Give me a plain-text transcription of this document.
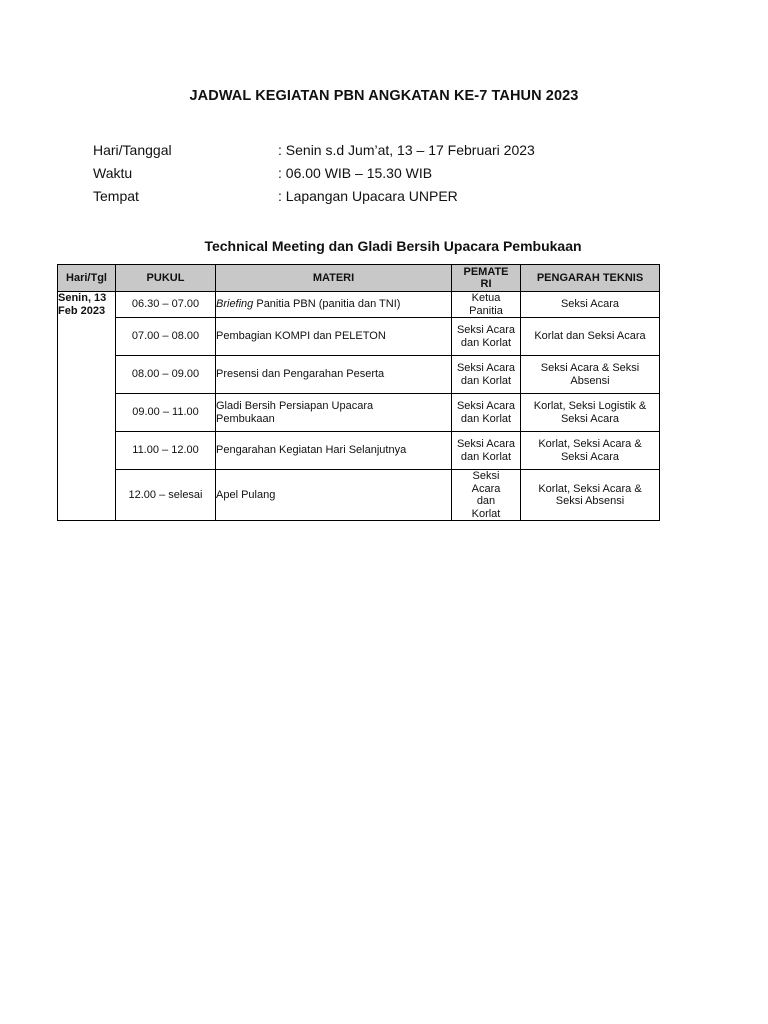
JADWAL KEGIATAN PBN ANGKATAN KE-7 TAHUN 2023
Hari/Tanggal	: Senin s.d Jum’at, 13 – 17 Februari 2023
Waktu	: 06.00 WIB – 15.30 WIB
Tempat	: Lapangan Upacara UNPER
Technical Meeting dan Gladi Bersih Upacara Pembukaan
Hari/Tgl	PUKUL	MATERI	PEMATE RI	PENGARAH TEKNIS
Senin, 13 Feb 2023	06.30 – 07.00	Briefing Panitia PBN (panitia dan TNI)	Ketua Panitia	Seksi Acara
	07.00 – 08.00	Pembagian KOMPI dan PELETON	Seksi Acara dan Korlat	Korlat dan Seksi Acara
	08.00 – 09.00	Presensi dan Pengarahan Peserta	Seksi Acara dan Korlat	Seksi Acara & Seksi Absensi
	09.00 – 11.00	Gladi Bersih Persiapan Upacara Pembukaan	Seksi Acara dan Korlat	Korlat, Seksi Logistik & Seksi Acara
	11.00 – 12.00	Pengarahan Kegiatan Hari Selanjutnya	Seksi Acara dan Korlat	Korlat, Seksi Acara & Seksi Acara
	12.00 – selesai	Apel Pulang	Seksi Acara dan Korlat	Korlat, Seksi Acara & Seksi Absensi
